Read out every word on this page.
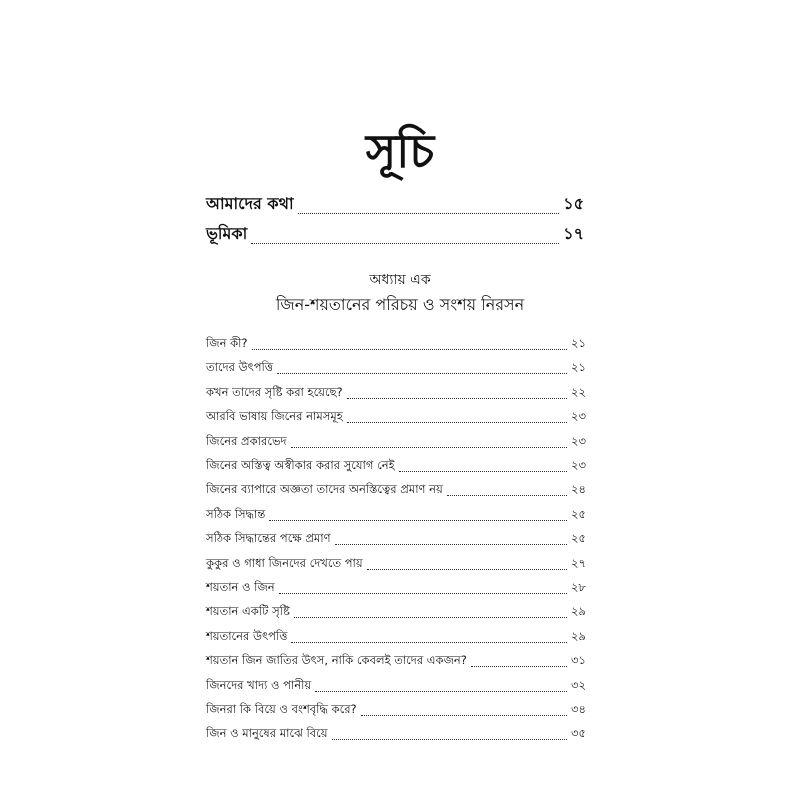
সূচি
আমাদের কথা	১৫
ভূমিকা	১৭
অধ্যায় এক
জিন-শয়তানের পরিচয় ও সংশয় নিরসন
জিন কী?	২১
তাদের উৎপত্তি	২১
কখন তাদের সৃষ্টি করা হয়েছে?	২২
আরবি ভাষায় জিনের নামসমূহ	২৩
জিনের প্রকারভেদ	২৩
জিনের অস্তিত্ব অস্বীকার করার সুযোগ নেই	২৩
জিনের ব্যাপারে অজ্ঞতা তাদের অনস্তিত্বের প্রমাণ নয়	২৪
সঠিক সিদ্ধান্ত	২৫
সঠিক সিদ্ধান্তের পক্ষে প্রমাণ	২৫
কুকুর ও গাধা জিনদের দেখতে পায়	২৭
শয়তান ও জিন	২৮
শয়তান একটি সৃষ্টি	২৯
শয়তানের উৎপত্তি	২৯
শয়তান জিন জাতির উৎস, নাকি কেবলই তাদের একজন?	৩১
জিনদের খাদ্য ও পানীয়	৩২
জিনরা কি বিয়ে ও বংশবৃদ্ধি করে?	৩৪
জিন ও মানুষের মাঝে বিয়ে	৩৫
